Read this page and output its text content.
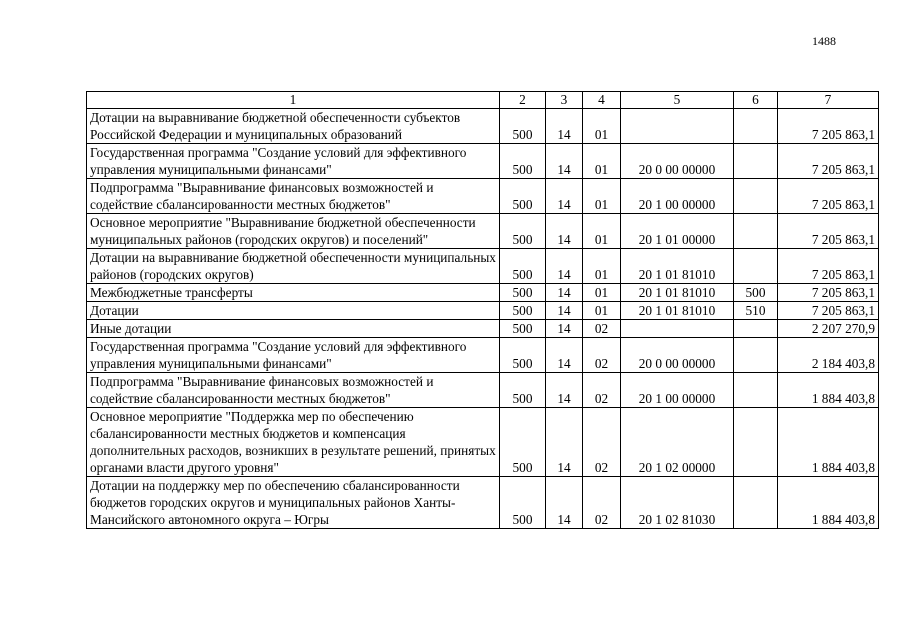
1488
1	2	3	4	5	6	7
Дотации на выравнивание бюджетной обеспеченности субъектов Российской Федерации и муниципальных образований	500	14	01			7 205 863,1
Государственная программа "Создание условий для эффективного управления муниципальными финансами"	500	14	01	20 0 00 00000		7 205 863,1
Подпрограмма "Выравнивание финансовых возможностей и содействие сбалансированности местных бюджетов"	500	14	01	20 1 00 00000		7 205 863,1
Основное мероприятие "Выравнивание бюджетной обеспеченности муниципальных районов (городских округов) и поселений"	500	14	01	20 1 01 00000		7 205 863,1
Дотации на выравнивание бюджетной обеспеченности муниципальных районов (городских округов)	500	14	01	20 1 01 81010		7 205 863,1
Межбюджетные трансферты	500	14	01	20 1 01 81010	500	7 205 863,1
Дотации	500	14	01	20 1 01 81010	510	7 205 863,1
Иные дотации	500	14	02			2 207 270,9
Государственная программа "Создание условий для эффективного управления муниципальными финансами"	500	14	02	20 0 00 00000		2 184 403,8
Подпрограмма "Выравнивание финансовых возможностей и содействие сбалансированности местных бюджетов"	500	14	02	20 1 00 00000		1 884 403,8
Основное мероприятие "Поддержка мер по обеспечению сбалансированности местных бюджетов и компенсация дополнительных расходов, возникших в результате решений, принятых органами власти другого уровня"	500	14	02	20 1 02 00000		1 884 403,8
Дотации на поддержку мер по обеспечению сбалансированности бюджетов городских округов и муниципальных районов Ханты-Мансийского автономного округа – Югры	500	14	02	20 1 02 81030		1 884 403,8
